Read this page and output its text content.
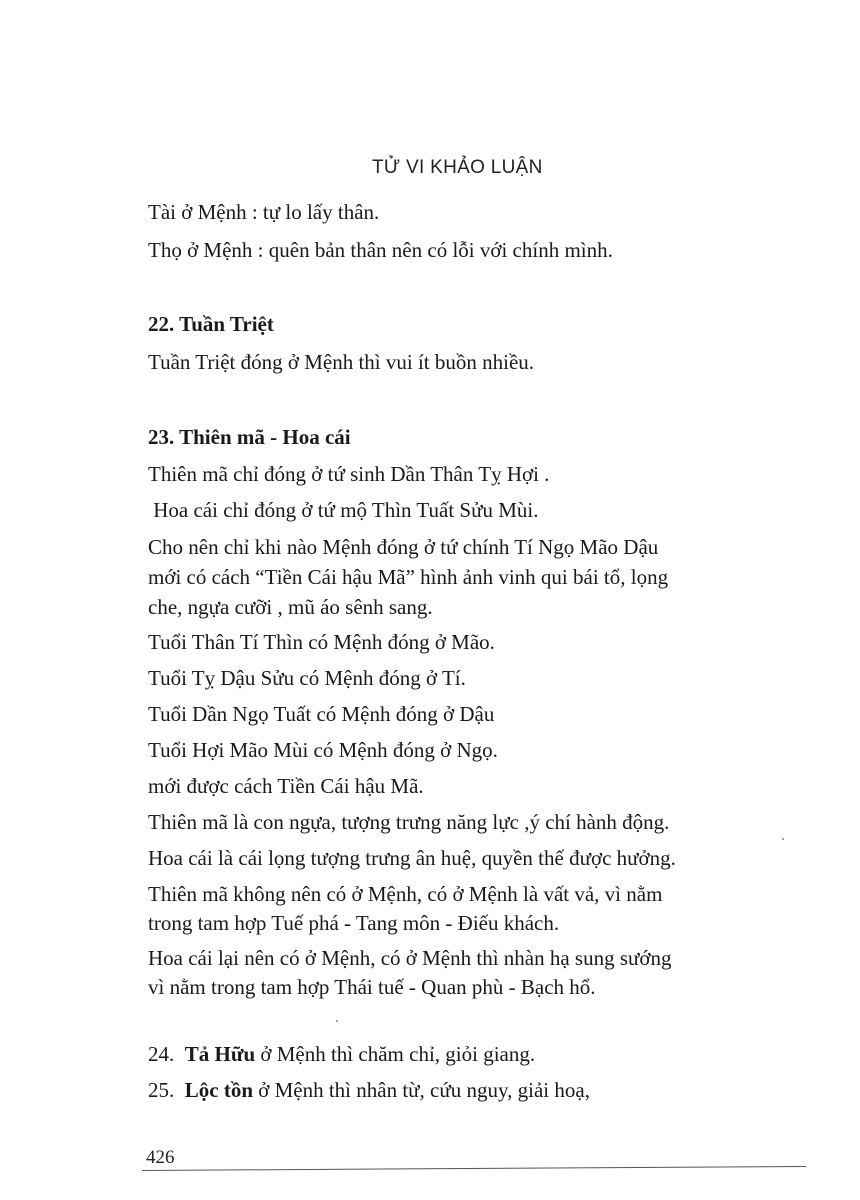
TỬ VI KHẢO LUẬN
Tài ở Mệnh : tự lo lấy thân.
Thọ ở Mệnh : quên bản thân nên có lỗi với chính mình.
22. Tuần Triệt
Tuần Triệt đóng ở Mệnh thì vui ít buồn nhiều.
23. Thiên mã - Hoa cái
Thiên mã chỉ đóng ở tứ sinh Dần Thân Tỵ Hợi .
Hoa cái chỉ đóng ở tứ mộ Thìn Tuất Sửu Mùi.
Cho nên chỉ khi nào Mệnh đóng ở tứ chính Tí Ngọ Mão Dậu
mới có cách “Tiền Cái hậu Mã” hình ảnh vinh qui bái tổ, lọng
che, ngựa cưỡi , mũ áo sênh sang.
Tuổi Thân Tí Thìn có Mệnh đóng ở Mão.
Tuổi Tỵ Dậu Sửu có Mệnh đóng ở Tí.
Tuổi Dần Ngọ Tuất có Mệnh đóng ở Dậu
Tuổi Hợi Mão Mùi có Mệnh đóng ở Ngọ.
mới được cách Tiền Cái hậu Mã.
Thiên mã là con ngựa, tượng trưng năng lực ,ý chí hành động.
Hoa cái là cái lọng tượng trưng ân huệ, quyền thế được hưởng.
Thiên mã không nên có ở Mệnh, có ở Mệnh là vất vả, vì nằm
trong tam hợp Tuế phá - Tang môn - Điếu khách.
Hoa cái lại nên có ở Mệnh, có ở Mệnh thì nhàn hạ sung sướng
vì nằm trong tam hợp Thái tuế - Quan phù - Bạch hổ.
24.  Tả Hữu ở Mệnh thì chăm chỉ, giỏi giang.
25.  Lộc tồn ở Mệnh thì nhân từ, cứu nguy, giải hoạ,
426
